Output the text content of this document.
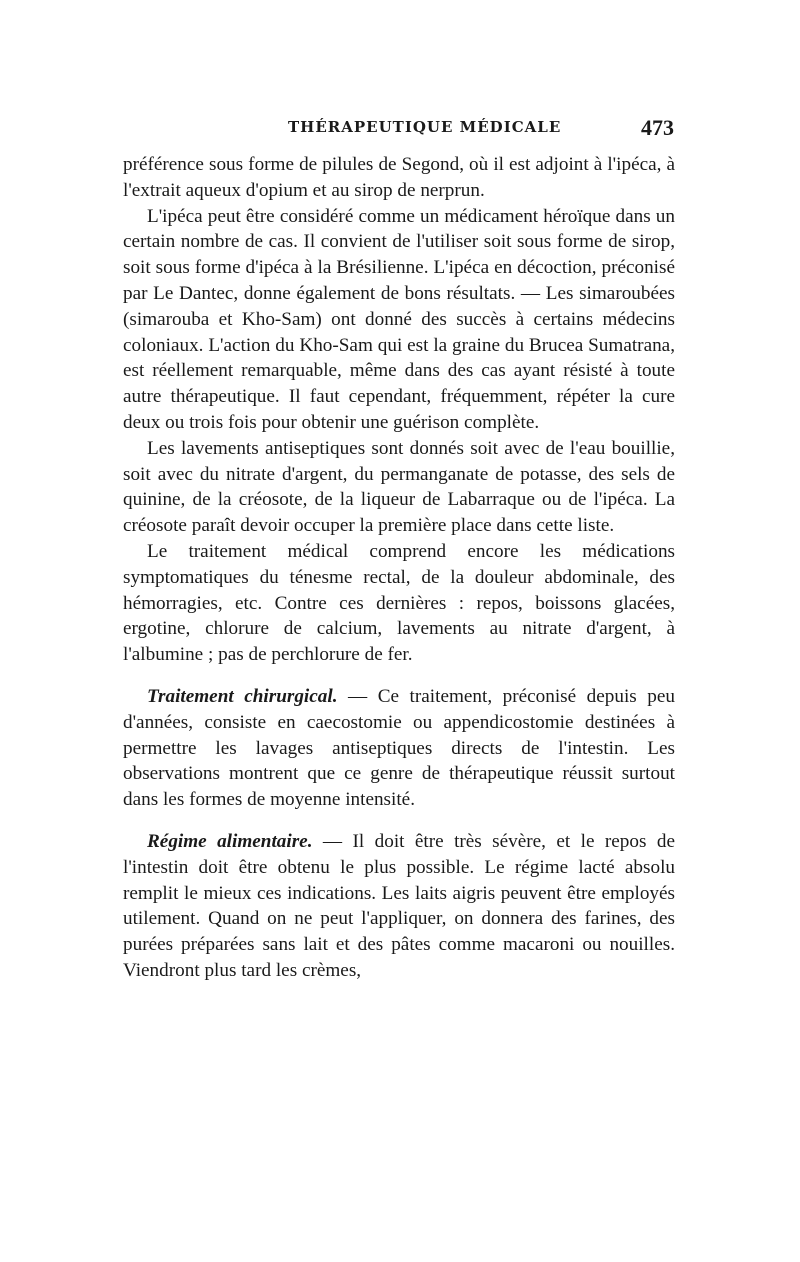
THÉRAPEUTIQUE MÉDICALE	473

préférence sous forme de pilules de Segond, où il est adjoint à l'ipéca, à l'extrait aqueux d'opium et au sirop de nerprun.

L'ipéca peut être considéré comme un médicament héroïque dans un certain nombre de cas. Il convient de l'utiliser soit sous forme de sirop, soit sous forme d'ipéca à la Brésilienne. L'ipéca en décoction, préconisé par Le Dantec, donne également de bons résultats. — Les simaroubées (simarouba et Kho-Sam) ont donné des succès à certains médecins coloniaux. L'action du Kho-Sam qui est la graine du Brucea Sumatrana, est réellement remarquable, même dans des cas ayant résisté à toute autre thérapeutique. Il faut cependant, fréquemment, répéter la cure deux ou trois fois pour obtenir une guérison complète.

Les lavements antiseptiques sont donnés soit avec de l'eau bouillie, soit avec du nitrate d'argent, du permanganate de potasse, des sels de quinine, de la créosote, de la liqueur de Labarraque ou de l'ipéca. La créosote paraît devoir occuper la première place dans cette liste.

Le traitement médical comprend encore les médications symptomatiques du ténesme rectal, de la douleur abdominale, des hémorragies, etc. Contre ces dernières : repos, boissons glacées, ergotine, chlorure de calcium, lavements au nitrate d'argent, à l'albumine ; pas de perchlorure de fer.

Traitement chirurgical. — Ce traitement, préconisé depuis peu d'années, consiste en caecostomie ou appendicostomie destinées à permettre les lavages antiseptiques directs de l'intestin. Les observations montrent que ce genre de thérapeutique réussit surtout dans les formes de moyenne intensité.

Régime alimentaire. — Il doit être très sévère, et le repos de l'intestin doit être obtenu le plus possible. Le régime lacté absolu remplit le mieux ces indications. Les laits aigris peuvent être employés utilement. Quand on ne peut l'appliquer, on donnera des farines, des purées préparées sans lait et des pâtes comme macaroni ou nouilles. Viendront plus tard les crèmes,
